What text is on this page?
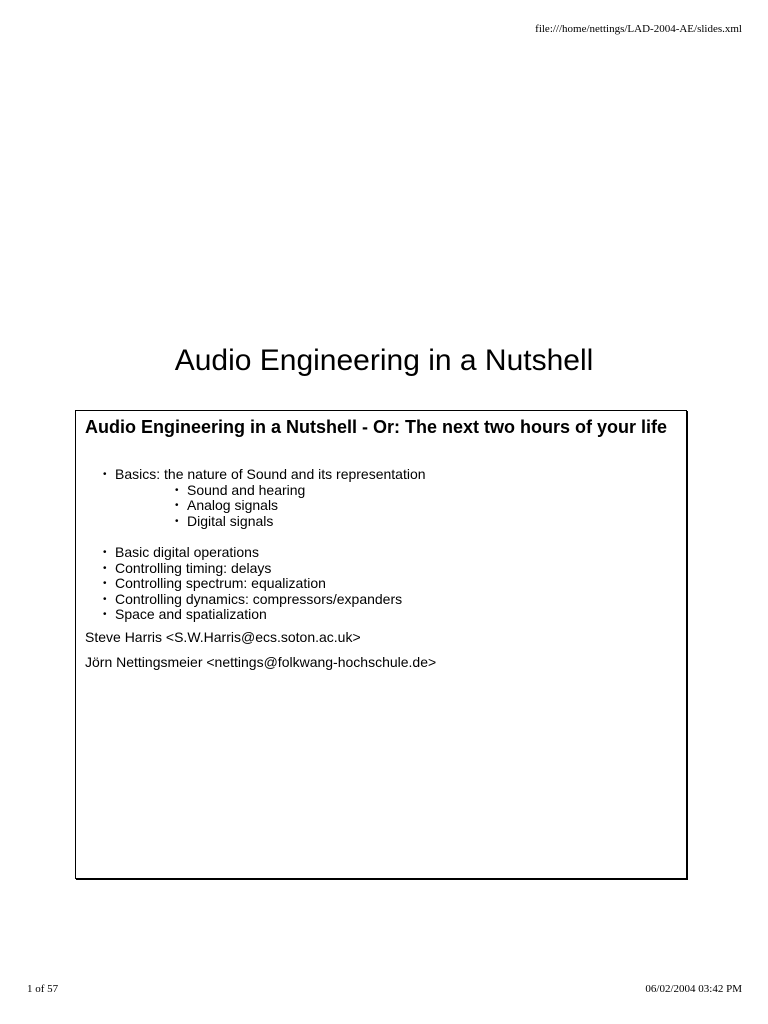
file:///home/nettings/LAD-2004-AE/slides.xml
Audio Engineering in a Nutshell
Audio Engineering in a Nutshell - Or: The next two hours of your life
• Basics: the nature of Sound and its representation
• Sound and hearing
• Analog signals
• Digital signals
• Basic digital operations
• Controlling timing: delays
• Controlling spectrum: equalization
• Controlling dynamics: compressors/expanders
• Space and spatialization

Steve Harris <S.W.Harris@ecs.soton.ac.uk>

Jörn Nettingsmeier <nettings@folkwang-hochschule.de>

1 of 57	06/02/2004 03:42 PM
